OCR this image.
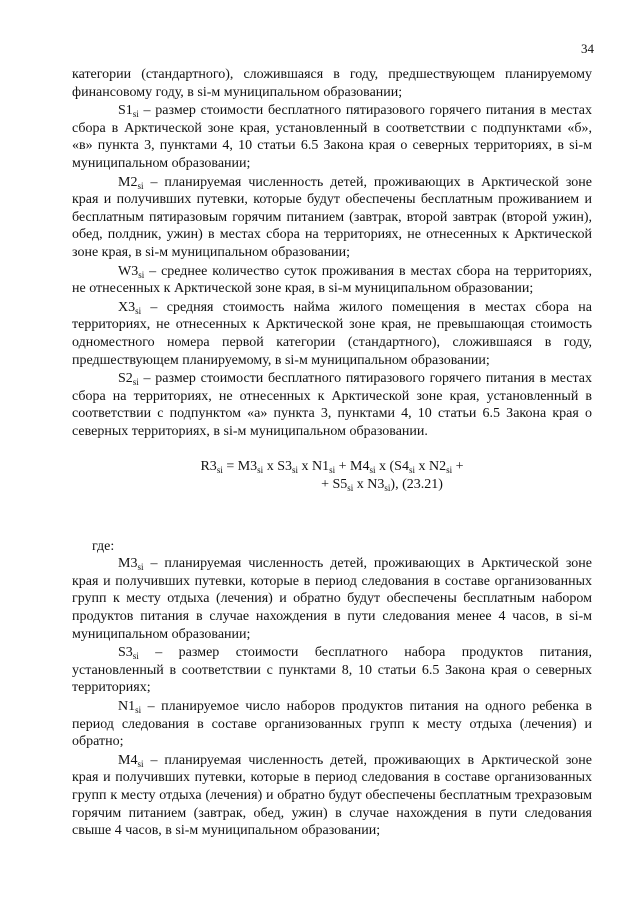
34

категории (стандартного), сложившаяся в году, предшествующем планируемому финансовому году, в si-м муниципальном образовании;

$S1_{si}$ – размер стоимости бесплатного пятиразового горячего питания в местах сбора в Арктической зоне края, установленный в соответствии с подпунктами «б», «в» пункта 3, пунктами 4, 10 статьи 6.5 Закона края о северных территориях, в si-м муниципальном образовании;

$M2_{si}$ – планируемая численность детей, проживающих в Арктической зоне края и получивших путевки, которые будут обеспечены бесплатным проживанием и бесплатным пятиразовым горячим питанием (завтрак, второй завтрак (второй ужин), обед, полдник, ужин) в местах сбора на территориях, не отнесенных к Арктической зоне края, в si-м муниципальном образовании;

$W3_{si}$ – среднее количество суток проживания в местах сбора на территориях, не отнесенных к Арктической зоне края, в si-м муниципальном образовании;

$X3_{si}$ – средняя стоимость найма жилого помещения в местах сбора на территориях, не отнесенных к Арктической зоне края, не превышающая стоимость одноместного номера первой категории (стандартного), сложившаяся в году, предшествующем планируемому, в si-м муниципальном образовании;

$S2_{si}$ – размер стоимости бесплатного пятиразового горячего питания в местах сбора на территориях, не отнесенных к Арктической зоне края, установленный в соответствии с подпунктом «а» пункта 3, пунктами 4, 10 статьи 6.5 Закона края о северных территориях, в si-м муниципальном образовании.

$R3_{si} = M3_{si}$ x $S3_{si}$ x $N1_{si} + M4_{si}$ x ($S4_{si}$ x $N2_{si}$ +
+ $S5_{si}$ x $N3_{si}$), (23.21)

где:

$M3_{si}$ – планируемая численность детей, проживающих в Арктической зоне края и получивших путевки, которые в период следования в составе организованных групп к месту отдыха (лечения) и обратно будут обеспечены бесплатным набором продуктов питания в случае нахождения в пути следования менее 4 часов, в si-м муниципальном образовании;

$S3_{si}$ – размер стоимости бесплатного набора продуктов питания, установленный в соответствии с пунктами 8, 10 статьи 6.5 Закона края о северных территориях;

$N1_{si}$ – планируемое число наборов продуктов питания на одного ребенка в период следования в составе организованных групп к месту отдыха (лечения) и обратно;

$M4_{si}$ – планируемая численность детей, проживающих в Арктической зоне края и получивших путевки, которые в период следования в составе организованных групп к месту отдыха (лечения) и обратно будут обеспечены бесплатным трехразовым горячим питанием (завтрак, обед, ужин) в случае нахождения в пути следования свыше 4 часов, в si-м муниципальном образовании;
